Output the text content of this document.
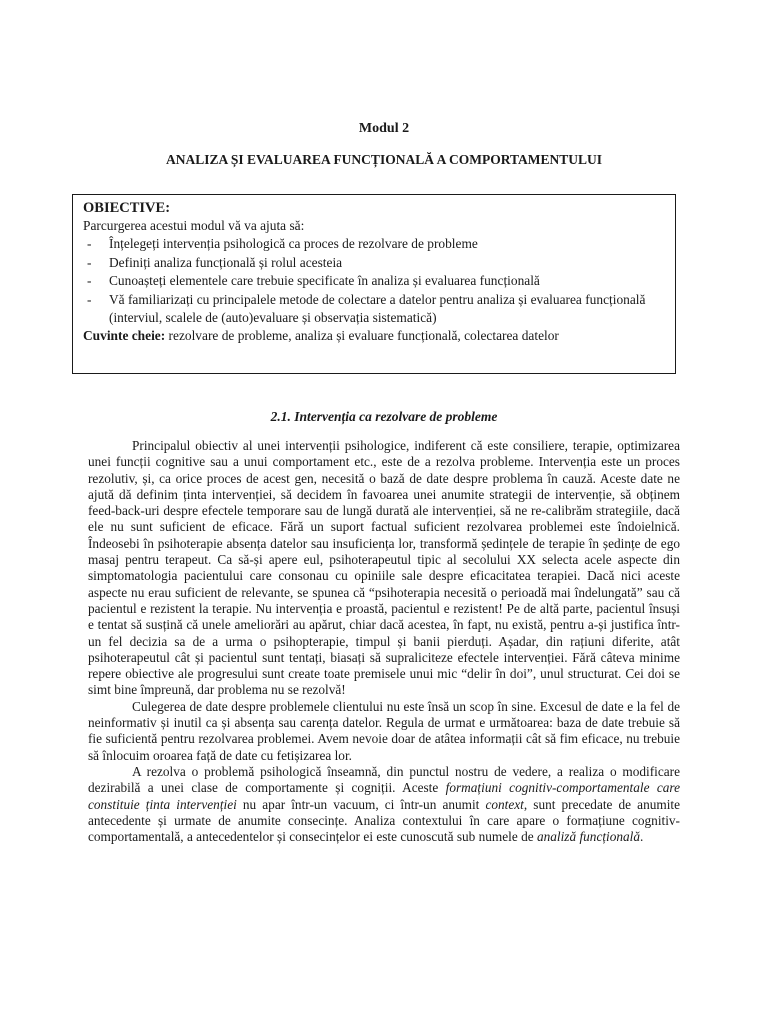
Modul 2
ANALIZA ȘI EVALUAREA FUNCȚIONALĂ A COMPORTAMENTULUI
OBIECTIVE:
Parcurgerea acestui modul vă va ajuta să:
- Înțelegeți intervenția psihologică ca proces de rezolvare de probleme
- Definiți analiza funcțională și rolul acesteia
- Cunoașteți elementele care trebuie specificate în analiza și evaluarea funcțională
- Vă familiarizați cu principalele metode de colectare a datelor pentru analiza și evaluarea funcțională (interviul, scalele de (auto)evaluare și observația sistematică)
Cuvinte cheie: rezolvare de probleme, analiza și evaluare funcțională, colectarea datelor
2.1. Intervenția ca rezolvare de probleme

Principalul obiectiv al unei intervenții psihologice, indiferent că este consiliere, terapie, optimizarea unei funcții cognitive sau a unui comportament etc., este de a rezolva probleme. Intervenția este un proces rezolutiv, și, ca orice proces de acest gen, necesită o bază de date despre problema în cauză. Aceste date ne ajută dă definim ținta intervenției, să decidem în favoarea unei anumite strategii de intervenție, să obținem feed-back-uri despre efectele temporare sau de lungă durată ale intervenției, să ne re-calibrăm strategiile, dacă ele nu sunt suficient de eficace. Fără un suport factual suficient rezolvarea problemei este îndoielnică. Îndeosebi în psihoterapie absența datelor sau insuficiența lor, transformă ședințele de terapie în ședințe de ego masaj pentru terapeut. Ca să-și apere eul, psihoterapeutul tipic al secolului XX selecta acele aspecte din simptomatologia pacientului care consonau cu opiniile sale despre eficacitatea terapiei. Dacă nici aceste aspecte nu erau suficient de relevante, se spunea că “psihoterapia necesită o perioadă mai îndelungată” sau că pacientul e rezistent la terapie. Nu intervenția e proastă, pacientul e rezistent! Pe de altă parte, pacientul însuși e tentat să susțină că unele ameliorări au apărut, chiar dacă acestea, în fapt, nu există, pentru a-și justifica într-un fel decizia sa de a urma o psihopterapie, timpul și banii pierduți. Așadar, din rațiuni diferite, atât psihoterapeutul cât și pacientul sunt tentați, biasați să supraliciteze efectele intervenției. Fără câteva minime repere obiective ale progresului sunt create toate premisele unui mic “delir în doi”, unul structurat. Cei doi se simt bine împreună, dar problema nu se rezolvă!

Culegerea de date despre problemele clientului nu este însă un scop în sine. Excesul de date e la fel de neinformativ și inutil ca și absența sau carența datelor. Regula de urmat e următoarea: baza de date trebuie să fie suficientă pentru rezolvarea problemei. Avem nevoie doar de atâtea informații cât să fim eficace, nu trebuie să înlocuim oroarea față de date cu fetișizarea lor.

A rezolva o problemă psihologică înseamnă, din punctul nostru de vedere, a realiza o modificare dezirabilă a unei clase de comportamente și cogniții. Aceste formațiuni cognitiv-comportamentale care constituie ținta intervenției nu apar într-un vacuum, ci într-un anumit context, sunt precedate de anumite antecedente și urmate de anumite consecințe. Analiza contextului în care apare o formațiune cognitiv-comportamentală, a antecedentelor și consecințelor ei este cunoscută sub numele de analiză funcțională.
